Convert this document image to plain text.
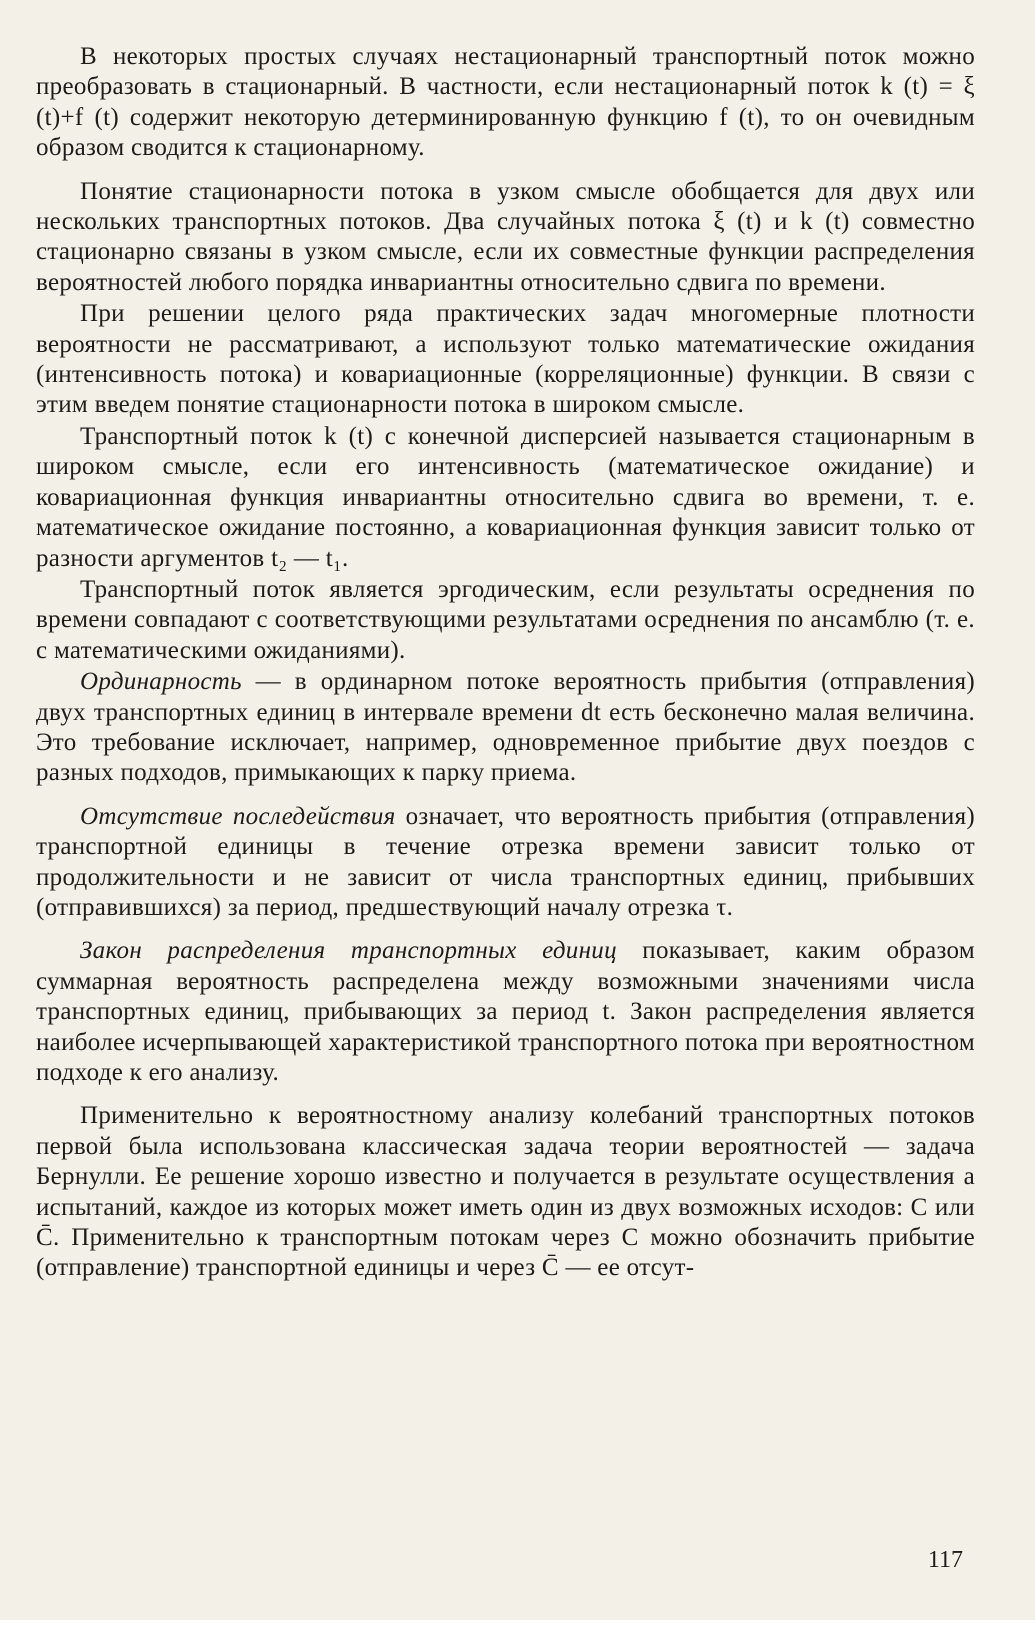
В некоторых простых случаях нестационарный транспортный поток можно преобразовать в стационарный. В частности, если нестационарный поток k (t) = ξ (t)+f (t) содержит некоторую детерминированную функцию f (t), то он очевидным образом сводится к стационарному.

Понятие стационарности потока в узком смысле обобщается для двух или нескольких транспортных потоков. Два случайных потока ξ (t) и k (t) совместно стационарно связаны в узком смысле, если их совместные функции распределения вероятностей любого порядка инвариантны относительно сдвига по времени.

При решении целого ряда практических задач многомерные плотности вероятности не рассматривают, а используют только математические ожидания (интенсивность потока) и ковариационные (корреляционные) функции. В связи с этим введем понятие стационарности потока в широком смысле.

Транспортный поток k (t) с конечной дисперсией называется стационарным в широком смысле, если его интенсивность (математическое ожидание) и ковариационная функция инвариантны относительно сдвига во времени, т. е. математическое ожидание постоянно, а ковариационная функция зависит только от разности аргументов t₂ — t₁.

Транспортный поток является эргодическим, если результаты осреднения по времени совпадают с соответствующими результатами осреднения по ансамблю (т. е. с математическими ожиданиями).

Ординарность — в ординарном потоке вероятность прибытия (отправления) двух транспортных единиц в интервале времени dt есть бесконечно малая величина. Это требование исключает, например, одновременное прибытие двух поездов с разных подходов, примыкающих к парку приема.

Отсутствие последействия означает, что вероятность прибытия (отправления) транспортной единицы в течение отрезка времени зависит только от продолжительности и не зависит от числа транспортных единиц, прибывших (отправившихся) за период, предшествующий началу отрезка τ.

Закон распределения транспортных единиц показывает, каким образом суммарная вероятность распределена между возможными значениями числа транспортных единиц, прибывающих за период t. Закон распределения является наиболее исчерпывающей характеристикой транспортного потока при вероятностном подходе к его анализу.

Применительно к вероятностному анализу колебаний транспортных потоков первой была использована классическая задача теории вероятностей — задача Бернулли. Ее решение хорошо известно и получается в результате осуществления a испытаний, каждое из которых может иметь один из двух возможных исходов: C или C̄. Применительно к транспортным потокам через C можно обозначить прибытие (отправление) транспортной единицы и через C̄ — ее отсут-

117
